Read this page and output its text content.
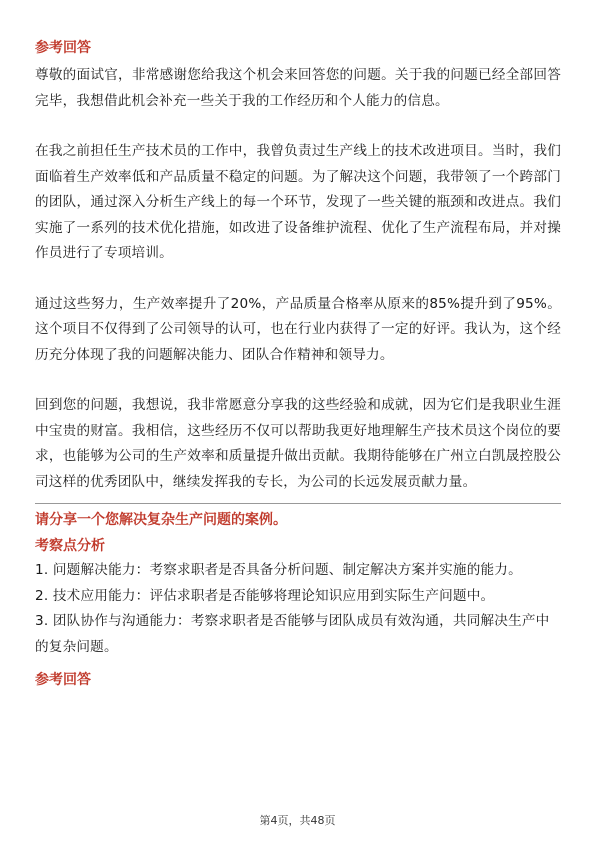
参考回答

尊敬的面试官，非常感谢您给我这个机会来回答您的问题。关于我的问题已经全部回答完毕，我想借此机会补充一些关于我的工作经历和个人能力的信息。

在我之前担任生产技术员的工作中，我曾负责过生产线上的技术改进项目。当时，我们面临着生产效率低和产品质量不稳定的问题。为了解决这个问题，我带领了一个跨部门的团队，通过深入分析生产线上的每一个环节，发现了一些关键的瓶颈和改进点。我们实施了一系列的技术优化措施，如改进了设备维护流程、优化了生产流程布局，并对操作员进行了专项培训。

通过这些努力，生产效率提升了20%，产品质量合格率从原来的85%提升到了95%。这个项目不仅得到了公司领导的认可，也在行业内获得了一定的好评。我认为，这个经历充分体现了我的问题解决能力、团队合作精神和领导力。

回到您的问题，我想说，我非常愿意分享我的这些经验和成就，因为它们是我职业生涯中宝贵的财富。我相信，这些经历不仅可以帮助我更好地理解生产技术员这个岗位的要求，也能够为公司的生产效率和质量提升做出贡献。我期待能够在广州立白凯晟控股公司这样的优秀团队中，继续发挥我的专长，为公司的长远发展贡献力量。

请分享一个您解决复杂生产问题的案例。

考察点分析

1. 问题解决能力：考察求职者是否具备分析问题、制定解决方案并实施的能力。

2. 技术应用能力：评估求职者是否能够将理论知识应用到实际生产问题中。

3. 团队协作与沟通能力：考察求职者是否能够与团队成员有效沟通，共同解决生产中的复杂问题。

参考回答

第4页，共48页
